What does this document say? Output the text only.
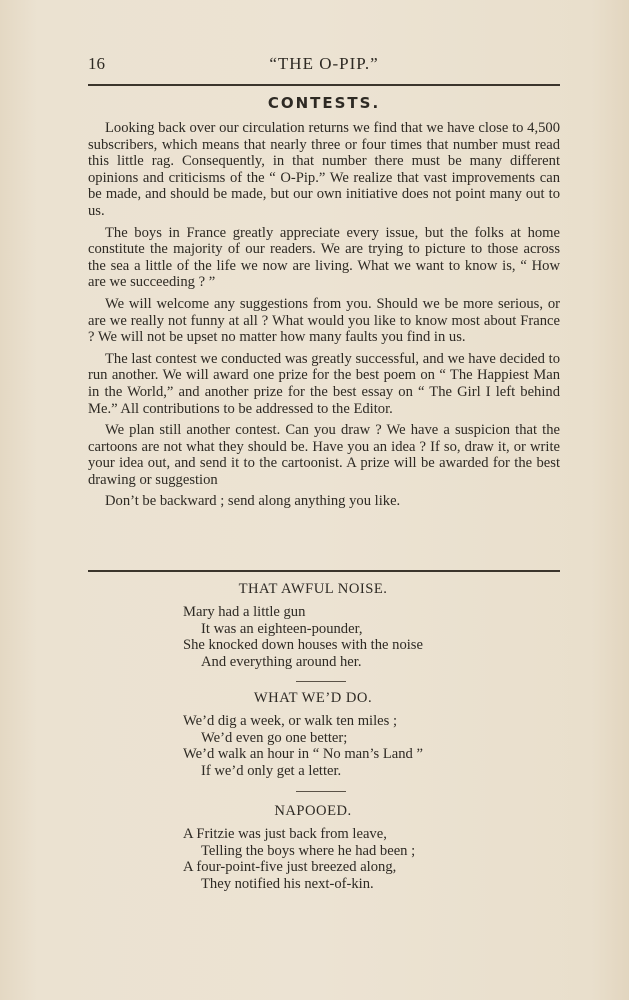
16	“THE O-PIP.”
CONTESTS.

Looking back over our circulation returns we find that we have close to 4,500 subscribers, which means that nearly three or four times that number must read this little rag. Consequently, in that number there must be many different opinions and criticisms of the “ O-Pip.” We realize that vast improvements can be made, and should be made, but our own initiative does not point many out to us.

The boys in France greatly appreciate every issue, but the folks at home constitute the majority of our readers. We are trying to picture to those across the sea a little of the life we now are living. What we want to know is, “ How are we succeeding ? ”

We will welcome any suggestions from you. Should we be more serious, or are we really not funny at all ? What would you like to know most about France ? We will not be upset no matter how many faults you find in us.

The last contest we conducted was greatly successful, and we have decided to run another. We will award one prize for the best poem on “ The Happiest Man in the World,” and another prize for the best essay on “ The Girl I left behind Me.” All contributions to be addressed to the Editor.

We plan still another contest. Can you draw ? We have a suspicion that the cartoons are not what they should be. Have you an idea ? If so, draw it, or write your idea out, and send it to the cartoonist. A prize will be awarded for the best drawing or suggestion

Don’t be backward ; send along anything you like.

THAT AWFUL NOISE.
Mary had a little gun
It was an eighteen-pounder,
She knocked down houses with the noise
And everything around her.
WHAT WE’D DO.
We’d dig a week, or walk ten miles ;
We’d even go one better;
We’d walk an hour in “ No man’s Land ”
If we’d only get a letter.
NAPOOED.
A Fritzie was just back from leave,
Telling the boys where he had been ;
A four-point-five just breezed along,
They notified his next-of-kin.
